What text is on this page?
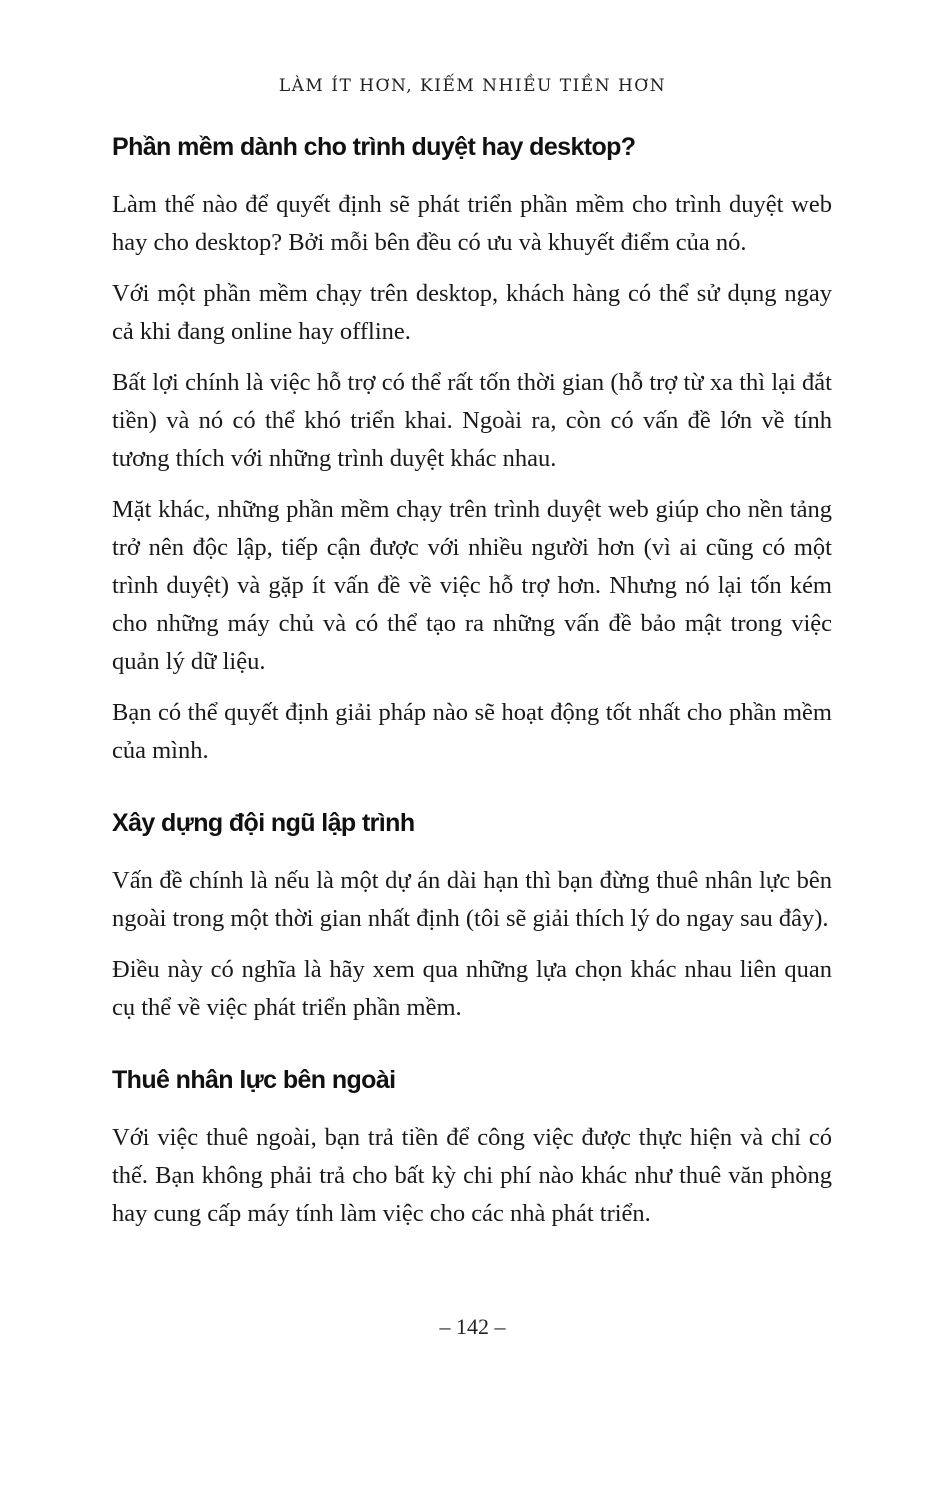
LÀM ÍT HƠN, KIẾM NHIỀU TIỀN HƠN
Phần mềm dành cho trình duyệt hay desktop?

Làm thế nào để quyết định sẽ phát triển phần mềm cho trình duyệt web hay cho desktop? Bởi mỗi bên đều có ưu và khuyết điểm của nó.

Với một phần mềm chạy trên desktop, khách hàng có thể sử dụng ngay cả khi đang online hay offline.

Bất lợi chính là việc hỗ trợ có thể rất tốn thời gian (hỗ trợ từ xa thì lại đắt tiền) và nó có thể khó triển khai. Ngoài ra, còn có vấn đề lớn về tính tương thích với những trình duyệt khác nhau.

Mặt khác, những phần mềm chạy trên trình duyệt web giúp cho nền tảng trở nên độc lập, tiếp cận được với nhiều người hơn (vì ai cũng có một trình duyệt) và gặp ít vấn đề về việc hỗ trợ hơn. Nhưng nó lại tốn kém cho những máy chủ và có thể tạo ra những vấn đề bảo mật trong việc quản lý dữ liệu.

Bạn có thể quyết định giải pháp nào sẽ hoạt động tốt nhất cho phần mềm của mình.

Xây dựng đội ngũ lập trình

Vấn đề chính là nếu là một dự án dài hạn thì bạn đừng thuê nhân lực bên ngoài trong một thời gian nhất định (tôi sẽ giải thích lý do ngay sau đây).

Điều này có nghĩa là hãy xem qua những lựa chọn khác nhau liên quan cụ thể về việc phát triển phần mềm.

Thuê nhân lực bên ngoài

Với việc thuê ngoài, bạn trả tiền để công việc được thực hiện và chỉ có thế. Bạn không phải trả cho bất kỳ chi phí nào khác như thuê văn phòng hay cung cấp máy tính làm việc cho các nhà phát triển.

– 142 –
